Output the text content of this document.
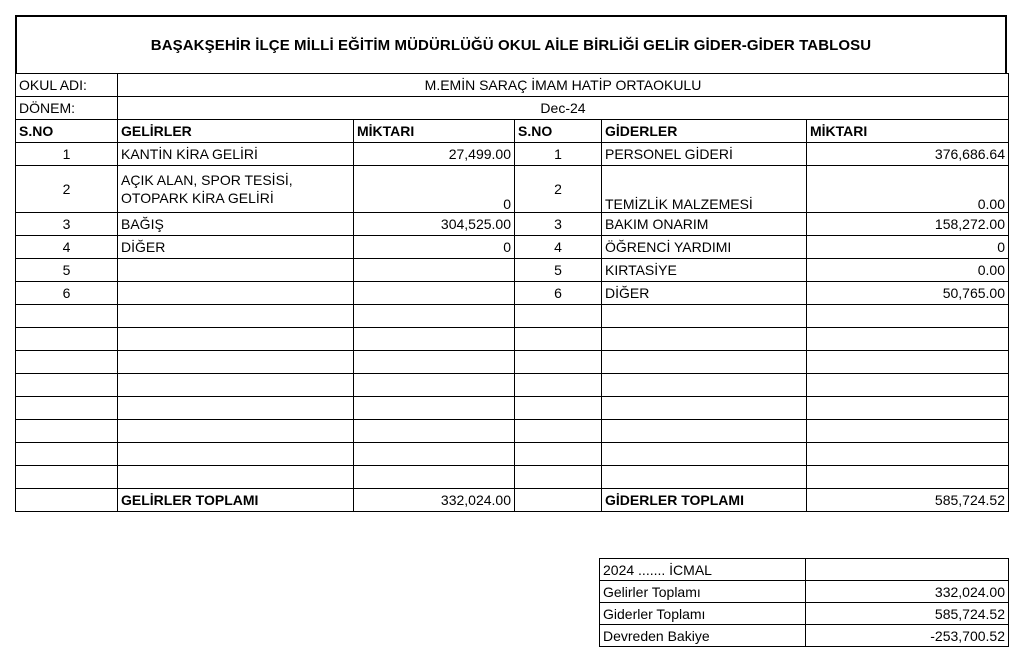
BAŞAKŞEHİR İLÇE MİLLİ EĞİTİM MÜDÜRLÜĞÜ OKUL AİLE BİRLİĞİ GELİR GİDER-GİDER TABLOSU
OKUL ADI:	M.EMİN SARAÇ İMAM HATİP ORTAOKULU				
DÖNEM:	Dec-24				
S.NO	GELİRLER	MİKTARI	S.NO	GİDERLER	MİKTARI
1	KANTİN KİRA GELİRİ	27,499.00	1	PERSONEL GİDERİ	376,686.64
2	AÇIK ALAN, SPOR TESİSİ, OTOPARK KİRA GELİRİ	0	2	TEMİZLİK MALZEMESİ	0.00
3	BAĞIŞ	304,525.00	3	BAKIM ONARIM	158,272.00
4	DİĞER	0	4	ÖĞRENCİ YARDIMI	0
5			5	KIRTASİYE	0.00
6			6	DİĞER	50,765.00

	GELİRLER TOPLAMI	332,024.00		GİDERLER TOPLAMI	585,724.52
2024 ....... İCMAL	
Gelirler Toplamı	332,024.00
Giderler Toplamı	585,724.52
Devreden Bakiye	-253,700.52
